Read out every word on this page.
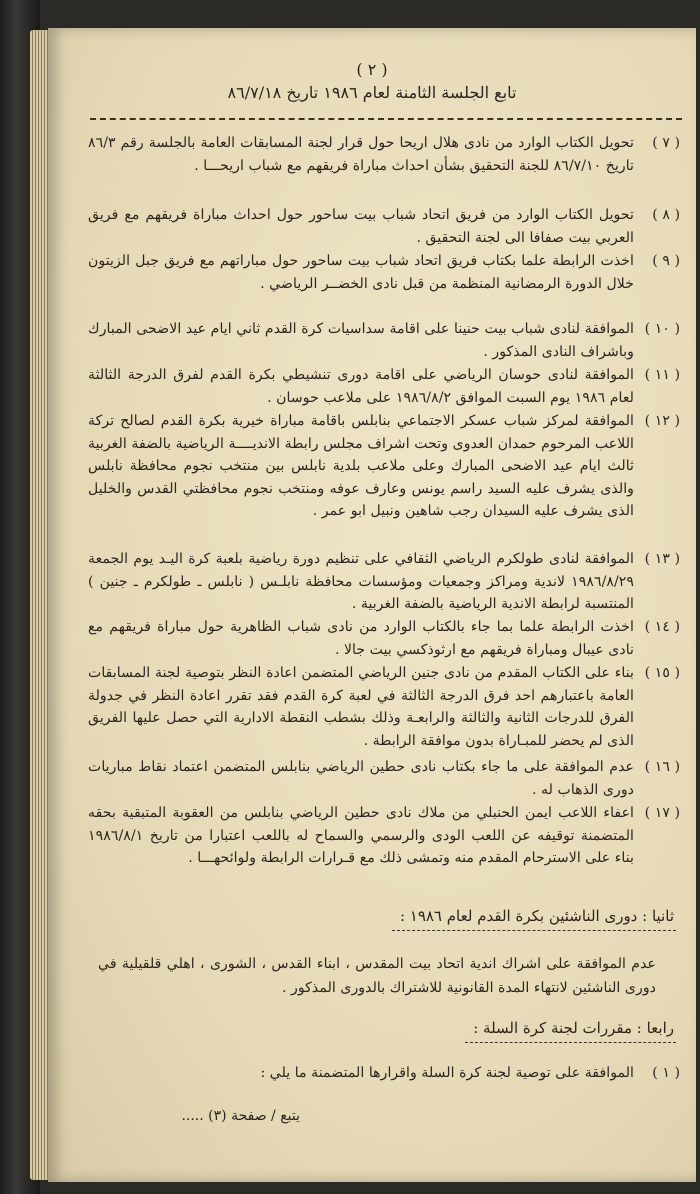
( ٢ )
تابع الجلسة الثامنة لعام ١٩٨٦ تاريخ ٨٦/٧/١٨
( ٧ )
تحويل الكتاب الوارد من نادى هلال اريحا حول قرار لجنة المسابقات العامة بالجلسة رقم ٨٦/٣ تاريخ ٨٦/٧/١٠ للجنة التحقيق بشأن احداث مباراة فريقهم مع شباب اريحـــا .
( ٨ )
تحويل الكتاب الوارد من فريق اتحاد شباب بيت ساحور حول احداث مباراة فريقهم مع فريق العربي بيت صفافا الى لجنة التحقيق .
( ٩ )
اخذت الرابطة علما بكتاب فريق اتحاد شباب بيت ساحور حول مباراتهم مع فريق جبل الزيتون خلال الدورة الرمضانية المنظمة من قبل نادى الخضــر الرياضي .
( ١٠ )
الموافقة لنادى شباب بيت حنينا على اقامة سداسيات كرة القدم ثاني ايام عيد الاضحى المبارك وباشراف النادى المذكور .
( ١١ )
الموافقة لنادى حوسان الرياضي على اقامة دورى تنشيطي بكرة القدم لفرق الدرجة الثالثة لعام ١٩٨٦ يوم السبت الموافق ١٩٨٦/٨/٢ على ملاعب حوسان .
( ١٢ )
الموافقة لمركز شباب عسكر الاجتماعي بنابلس باقامة مباراة خيرية بكرة القدم لصالح تركة اللاعب المرحوم حمدان العدوى وتحت اشراف مجلس رابطة الانديــــة الرياضية بالضفة الغربية ثالث ايام عيد الاضحى المبارك وعلى ملاعب بلدية نابلس بين منتخب نجوم محافظة نابلس والذى يشرف عليه السيد راسم يونس وعارف عوفه ومنتخب نجوم محافظتي القدس والخليل الذى يشرف عليه السيدان رجب شاهين ونبيل ابو عمر .
( ١٣ )
الموافقة لنادى طولكرم الرياضي الثقافي على تنظيم دورة رياضية بلعبة كرة اليـد يوم الجمعة ١٩٨٦/٨/٢٩ لاندية ومراكز وجمعيات ومؤسسات محافظة نابلـس ( نابلس ـ طولكرم ـ جنين ) المنتسبة لرابطة الاندية الرياضية بالضفة الغربية .
( ١٤ )
اخذت الرابطة علما بما جاء بالكتاب الوارد من نادى شباب الظاهرية حول مباراة فريقهم مع نادى عيبال ومباراة فريقهم مع ارثوذكسي بيت جالا .
( ١٥ )
بناء على الكتاب المقدم من نادى جنين الرياضي المتضمن اعادة النظر بتوصية لجنة المسابقات العامة باعتبارهم احد فرق الدرجة الثالثة في لعبة كرة القدم فقد تقرر اعادة النظر في جدولة الفرق للدرجات الثانية والثالثة والرابعـة وذلك بشطب النقطة الادارية التي حصل عليها الفريق الذى لم يحضر للمبـاراة بدون موافقة الرابطة .
( ١٦ )
عدم الموافقة على ما جاء بكتاب نادى حطين الرياضي بنابلس المتضمن اعتماد نقاط مباريات دورى الذهاب له .
( ١٧ )
اعفاء اللاعب ايمن الحنبلي من ملاك نادى حطين الرياضي بنابلس من العقوبة المتبقية بحقه المتضمنة توقيفه عن اللعب الودى والرسمي والسماح له باللعب اعتبارا من تاريخ ١٩٨٦/٨/١ بناء على الاسترحام المقدم منه وتمشى ذلك مع قـرارات الرابطة ولوائحهـــا .
ثانيا : دورى الناشئين بكرة القدم لعام ١٩٨٦ :
عدم الموافقة على اشراك اندية اتحاد بيت المقدس ، ابناء القدس ، الشورى ، اهلي قلقيلية في دورى الناشئين لانتهاء المدة القانونية للاشتراك بالدورى المذكور .
رابعا : مقررات لجنة كرة السلة :
( ١ )
الموافقة على توصية لجنة كرة السلة واقرارها المتضمنة ما يلي :
يتبع / صفحة (٣) .....
